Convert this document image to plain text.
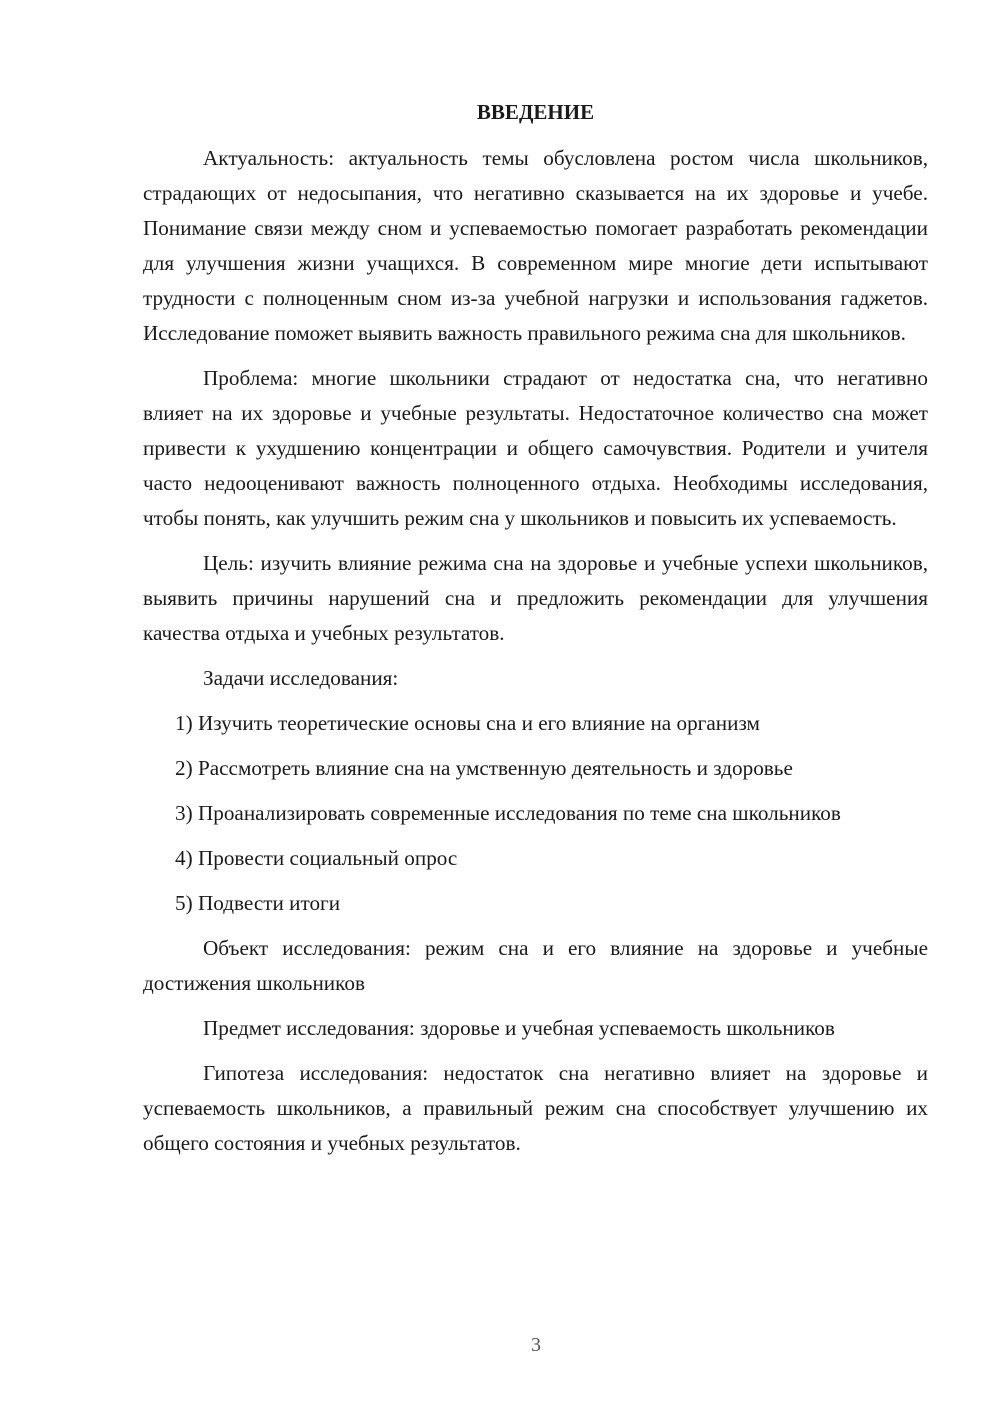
ВВЕДЕНИЕ

Актуальность: актуальность темы обусловлена ростом числа школьников, страдающих от недосыпания, что негативно сказывается на их здоровье и учебе. Понимание связи между сном и успеваемостью помогает разработать рекомендации для улучшения жизни учащихся. В современном мире многие дети испытывают трудности с полноценным сном из-за учебной нагрузки и использования гаджетов. Исследование поможет выявить важность правильного режима сна для школьников.

Проблема: многие школьники страдают от недостатка сна, что негативно влияет на их здоровье и учебные результаты. Недостаточное количество сна может привести к ухудшению концентрации и общего самочувствия. Родители и учителя часто недооценивают важность полноценного отдыха. Необходимы исследования, чтобы понять, как улучшить режим сна у школьников и повысить их успеваемость.

Цель: изучить влияние режима сна на здоровье и учебные успехи школьников, выявить причины нарушений сна и предложить рекомендации для улучшения качества отдыха и учебных результатов.

Задачи исследования:

1) Изучить теоретические основы сна и его влияние на организм

2) Рассмотреть влияние сна на умственную деятельность и здоровье

3) Проанализировать современные исследования по теме сна школьников

4) Провести социальный опрос

5) Подвести итоги

Объект исследования: режим сна и его влияние на здоровье и учебные достижения школьников

Предмет исследования: здоровье и учебная успеваемость школьников

Гипотеза исследования: недостаток сна негативно влияет на здоровье и успеваемость школьников, а правильный режим сна способствует улучшению их общего состояния и учебных результатов.

3
